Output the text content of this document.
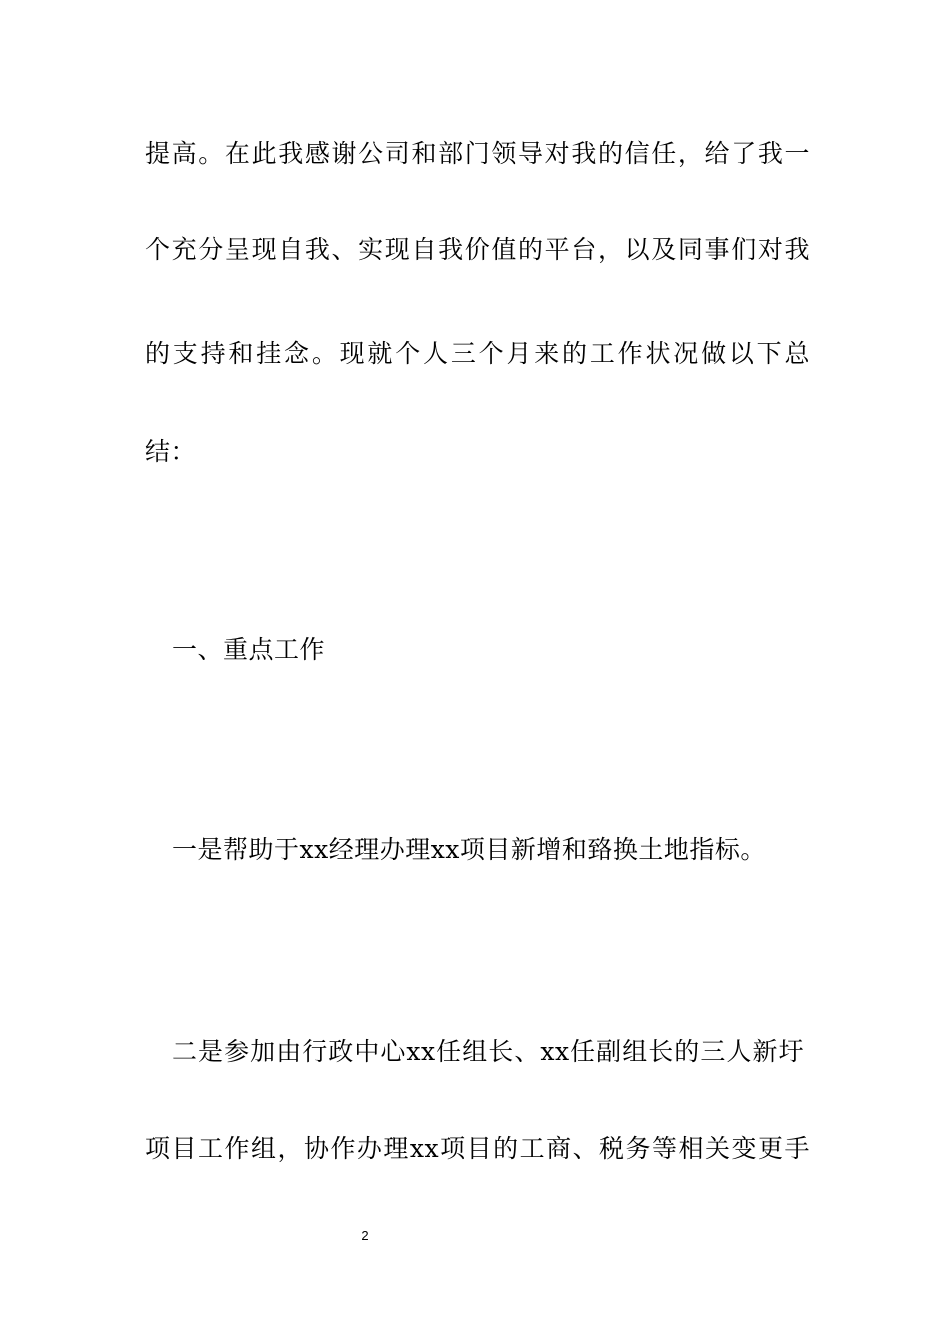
提高。在此我感谢公司和部门领导对我的信任，给了我一

个充分呈现自我、实现自我价值的平台，以及同事们对我

的支持和挂念。现就个人三个月来的工作状况做以下总

结：

一、重点工作

一是帮助于xx经理办理xx项目新增和臵换土地指标。

二是参加由行政中心xx任组长、xx任副组长的三人新圩

项目工作组，协作办理xx项目的工商、税务等相关变更手

2
